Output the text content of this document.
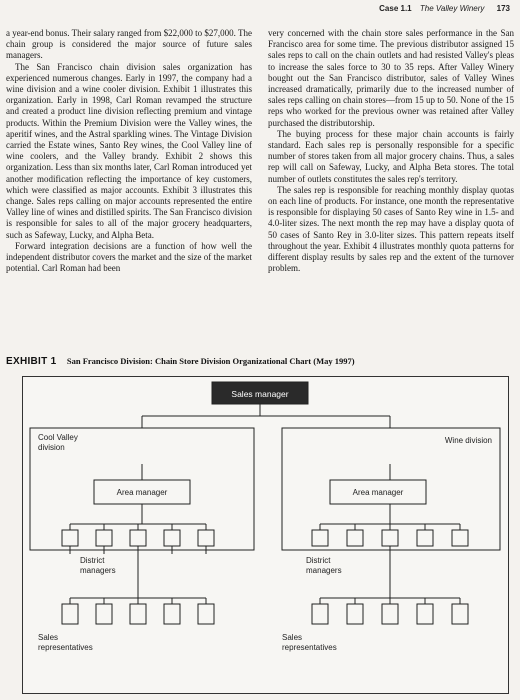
Case 1.1 The Valley Winery 173

a year-end bonus. Their salary ranged from $22,000 to $27,000. The chain group is considered the major source of future sales managers.

The San Francisco chain division sales organization has experienced numerous changes. Early in 1997, the company had a wine division and a wine cooler division. Exhibit 1 illustrates this organization. Early in 1998, Carl Roman revamped the structure and created a product line division reflecting premium and vintage products. Within the Premium Division were the Valley wines, the aperitif wines, and the Astral sparkling wines. The Vintage Division carried the Estate wines, Santo Rey wines, the Cool Valley line of wine coolers, and the Valley brandy. Exhibit 2 shows this organization. Less than six months later, Carl Roman introduced yet another modification reflecting the importance of key customers, which were classified as major accounts. Exhibit 3 illustrates this change. Sales reps calling on major accounts represented the entire Valley line of wines and distilled spirits. The San Francisco division is responsible for sales to all of the major grocery headquarters, such as Safeway, Lucky, and Alpha Beta.

Forward integration decisions are a function of how well the independent distributor covers the market and the size of the market potential. Carl Roman had been

very concerned with the chain store sales performance in the San Francisco area for some time. The previous distributor assigned 15 sales reps to call on the chain outlets and had resisted Valley's pleas to increase the sales force to 30 to 35 reps. After Valley Winery bought out the San Francisco distributor, sales of Valley Wines increased dramatically, primarily due to the increased number of sales reps calling on chain stores—from 15 up to 50. None of the 15 reps who worked for the previous owner was retained after Valley purchased the distributorship.

The buying process for these major chain accounts is fairly standard. Each sales rep is personally responsible for a specific number of stores taken from all major grocery chains. Thus, a sales rep will call on Safeway, Lucky, and Alpha Beta stores. The total number of outlets constitutes the sales rep's territory.

The sales rep is responsible for reaching monthly display quotas on each line of products. For instance, one month the representative is responsible for displaying 50 cases of Santo Rey wine in 1.5- and 4.0-liter sizes. The next month the rep may have a display quota of 50 cases of Santo Rey in 3.0-liter sizes. This pattern repeats itself throughout the year. Exhibit 4 illustrates monthly quota patterns for different display results by sales rep and the extent of the turnover problem.

EXHIBIT 1 San Francisco Division: Chain Store Division Organizational Chart (May 1997)
Sales manager
Cool Valley division
Wine division
Area manager	Area manager
District managers
District managers
Sales representatives
Sales representatives
